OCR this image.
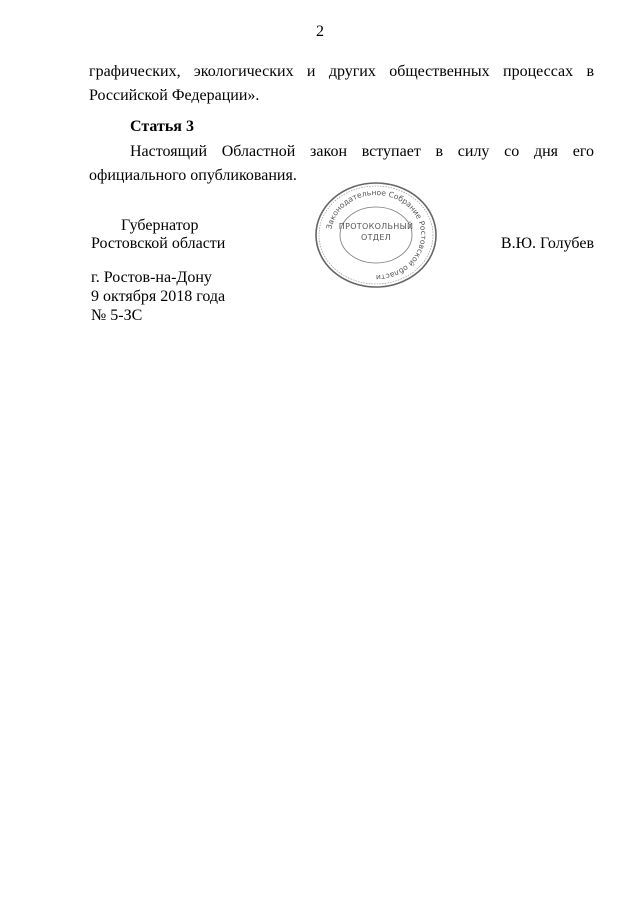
2

графических, экологических и других общественных процессах в Российской Федерации».

Статья 3

Настоящий Областной закон вступает в силу со дня его официального опубликования.

Губернатор
Ростовской области	В.Ю. Голубев
Законодательное Собрание Ростовской области
ПРОТОКОЛЬНЫЙ
ОТДЕЛ
г. Ростов-на-Дону
9 октября 2018 года
№ 5-ЗС
